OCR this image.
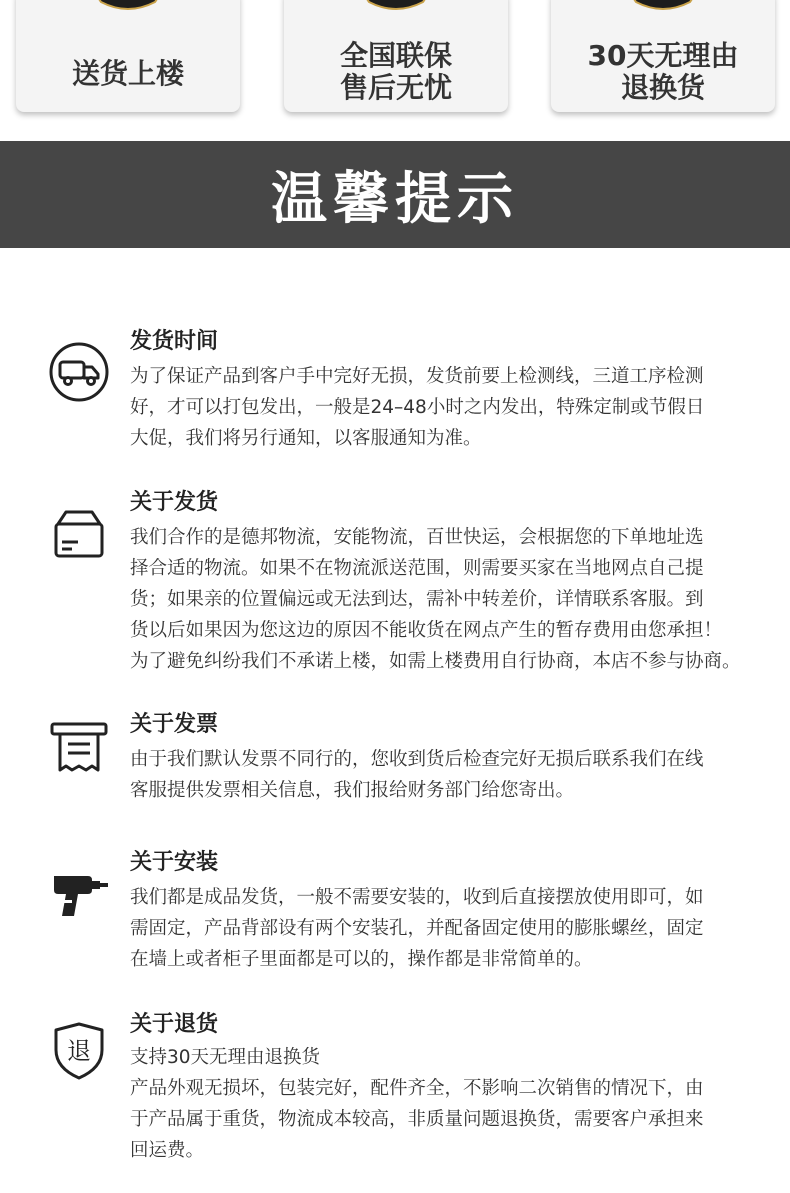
送货上楼
全国联保
售后无忧
30天无理由
退换货
温馨提示
发货时间

为了保证产品到客户手中完好无损，发货前要上检测线，三道工序检测

好，才可以打包发出，一般是24–48小时之内发出，特殊定制或节假日

大促，我们将另行通知，以客服通知为准。

关于发货

我们合作的是德邦物流，安能物流，百世快运，会根据您的下单地址选

择合适的物流。如果不在物流派送范围，则需要买家在当地网点自己提

货；如果亲的位置偏远或无法到达，需补中转差价，详情联系客服。到

货以后如果因为您这边的原因不能收货在网点产生的暂存费用由您承担！

为了避免纠纷我们不承诺上楼，如需上楼费用自行协商，本店不参与协商。

关于发票

由于我们默认发票不同行的，您收到货后检查完好无损后联系我们在线

客服提供发票相关信息，我们报给财务部门给您寄出。

关于安装

我们都是成品发货，一般不需要安装的，收到后直接摆放使用即可，如

需固定，产品背部设有两个安装孔，并配备固定使用的膨胀螺丝，固定

在墙上或者柜子里面都是可以的，操作都是非常简单的。

退
关于退货

支持30天无理由退换货

产品外观无损坏，包装完好，配件齐全，不影响二次销售的情况下，由

于产品属于重货，物流成本较高，非质量问题退换货，需要客户承担来

回运费。
